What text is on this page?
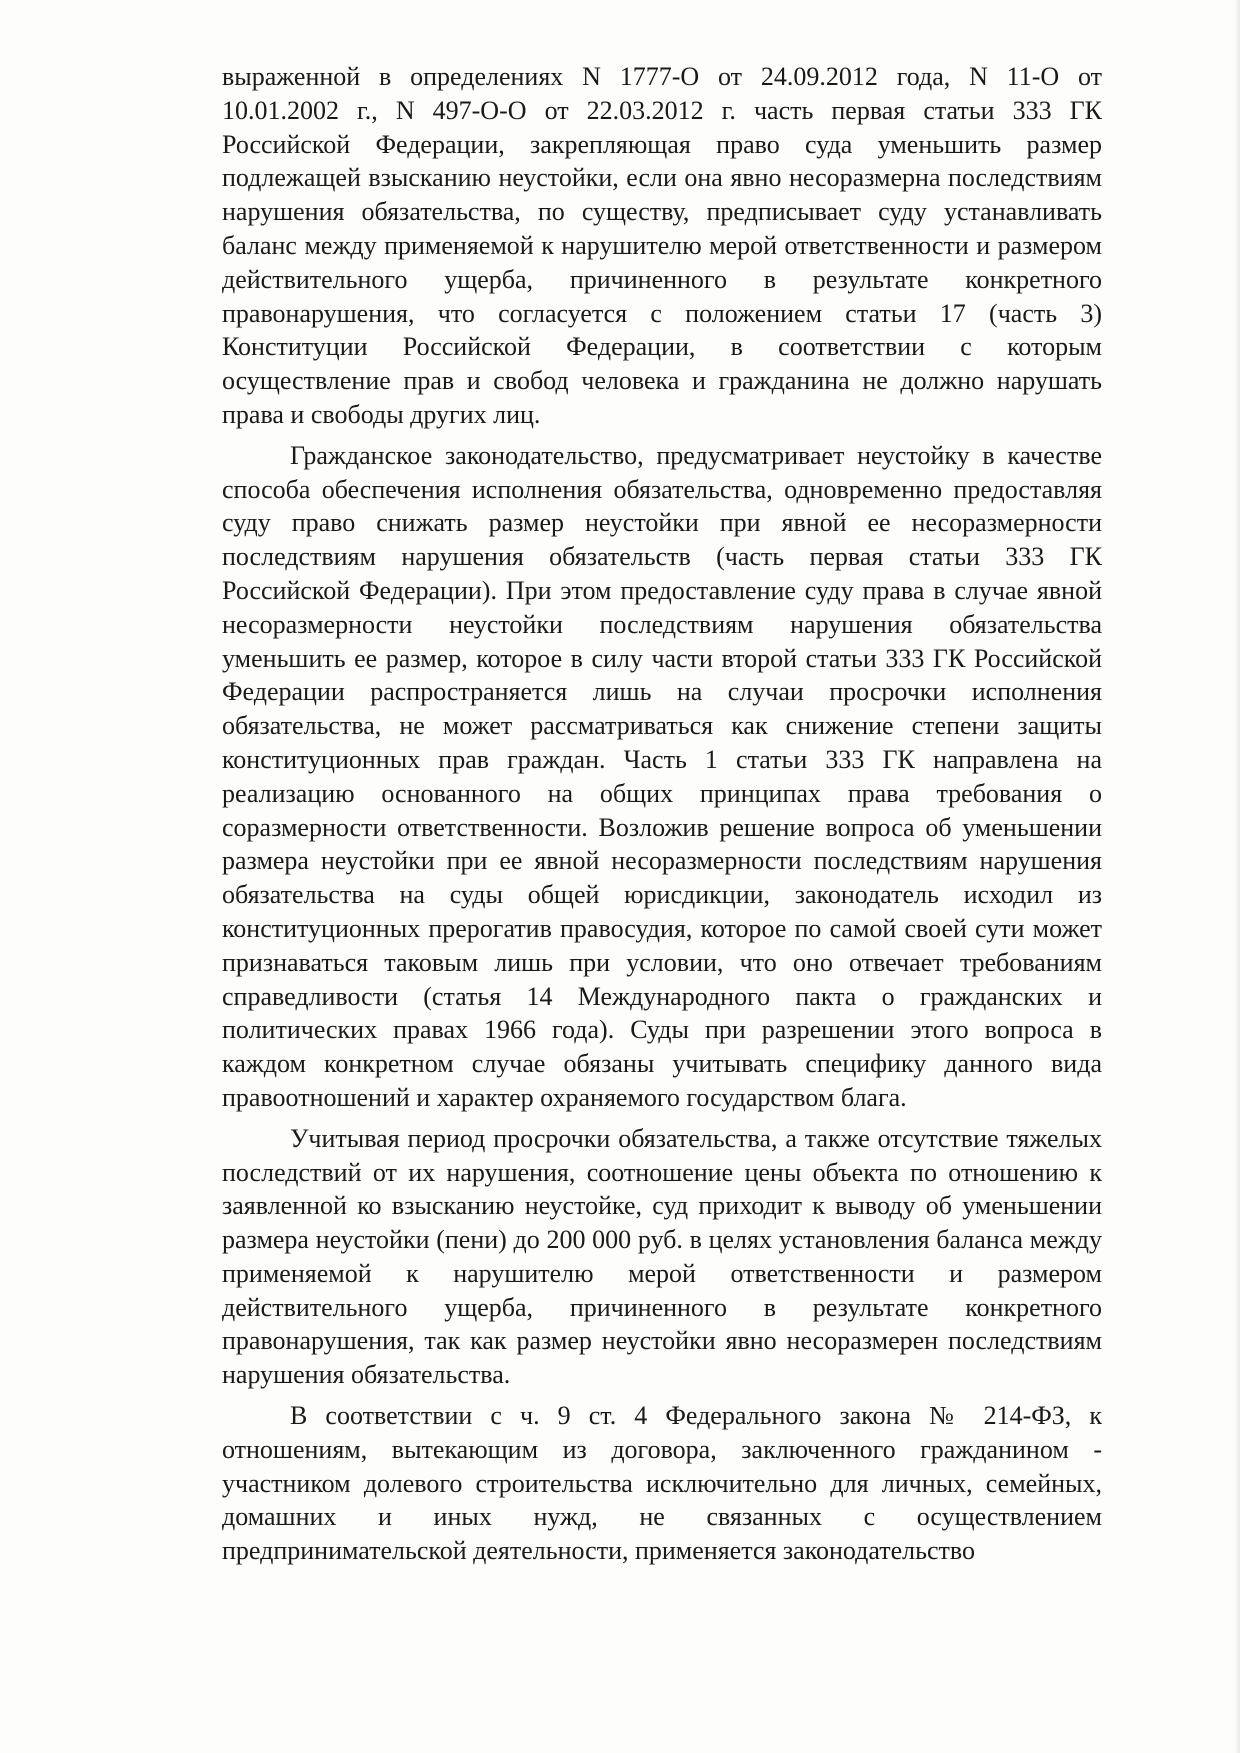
выраженной в определениях N 1777-О от 24.09.2012 года, N 11-О от 10.01.2002 г., N 497-О-О от 22.03.2012 г. часть первая статьи 333 ГК Российской Федерации, закрепляющая право суда уменьшить размер подлежащей взысканию неустойки, если она явно несоразмерна последствиям нарушения обязательства, по существу, предписывает суду устанавливать баланс между применяемой к нарушителю мерой ответственности и размером действительного ущерба, причиненного в результате конкретного правонарушения, что согласуется с положением статьи 17 (часть 3) Конституции Российской Федерации, в соответствии с которым осуществление прав и свобод человека и гражданина не должно нарушать права и свободы других лиц.

Гражданское законодательство, предусматривает неустойку в качестве способа обеспечения исполнения обязательства, одновременно предоставляя суду право снижать размер неустойки при явной ее несоразмерности последствиям нарушения обязательств (часть первая статьи 333 ГК Российской Федерации). При этом предоставление суду права в случае явной несоразмерности неустойки последствиям нарушения обязательства уменьшить ее размер, которое в силу части второй статьи 333 ГК Российской Федерации распространяется лишь на случаи просрочки исполнения обязательства, не может рассматриваться как снижение степени защиты конституционных прав граждан. Часть 1 статьи 333 ГК направлена на реализацию основанного на общих принципах права требования о соразмерности ответственности. Возложив решение вопроса об уменьшении размера неустойки при ее явной несоразмерности последствиям нарушения обязательства на суды общей юрисдикции, законодатель исходил из конституционных прерогатив правосудия, которое по самой своей сути может признаваться таковым лишь при условии, что оно отвечает требованиям справедливости (статья 14 Международного пакта о гражданских и политических правах 1966 года). Суды при разрешении этого вопроса в каждом конкретном случае обязаны учитывать специфику данного вида правоотношений и характер охраняемого государством блага.

Учитывая период просрочки обязательства, а также отсутствие тяжелых последствий от их нарушения, соотношение цены объекта по отношению к заявленной ко взысканию неустойке, суд приходит к выводу об уменьшении размера неустойки (пени) до 200 000 руб. в целях установления баланса между применяемой к нарушителю мерой ответственности и размером действительного ущерба, причиненного в результате конкретного правонарушения, так как размер неустойки явно несоразмерен последствиям нарушения обязательства.

В соответствии с ч. 9 ст. 4 Федерального закона № 214-ФЗ, к отношениям, вытекающим из договора, заключенного гражданином - участником долевого строительства исключительно для личных, семейных, домашних и иных нужд, не связанных с осуществлением предпринимательской деятельности, применяется законодательство
